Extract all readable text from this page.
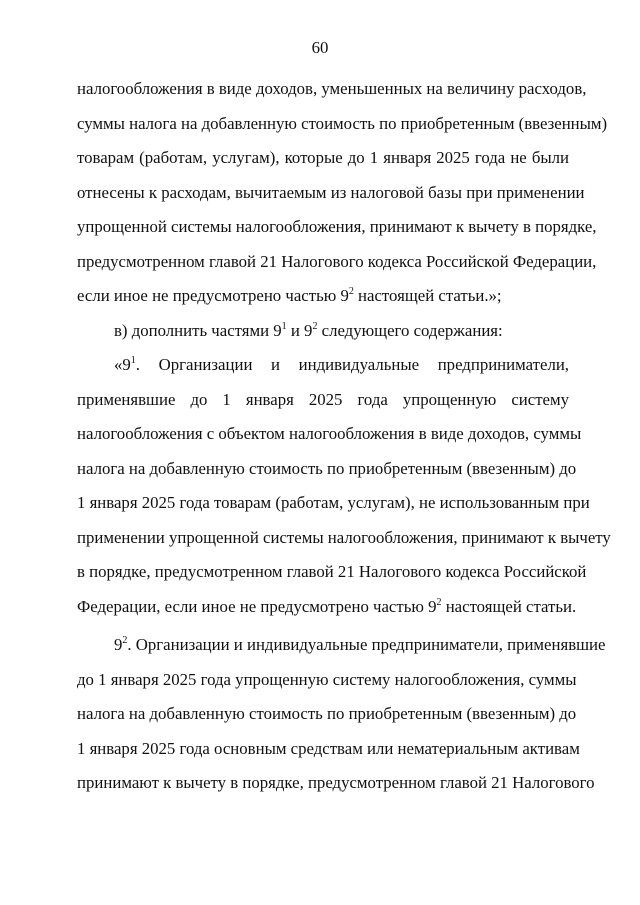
60
налогообложения в виде доходов, уменьшенных на величину расходов,
суммы налога на добавленную стоимость по приобретенным (ввезенным)
товарам (работам, услугам), которые до 1 января 2025 года не были
отнесены к расходам, вычитаемым из налоговой базы при применении
упрощенной системы налогообложения, принимают к вычету в порядке,
предусмотренном главой 21 Налогового кодекса Российской Федерации,
если иное не предусмотрено частью $9^2$ настоящей статьи.»;
в) дополнить частями $9^1$ и $9^2$ следующего содержания:
«$9^1$. Организации и индивидуальные предприниматели,
применявшие до 1 января 2025 года упрощенную систему
налогообложения с объектом налогообложения в виде доходов, суммы
налога на добавленную стоимость по приобретенным (ввезенным) до
1 января 2025 года товарам (работам, услугам), не использованным при
применении упрощенной системы налогообложения, принимают к вычету
в порядке, предусмотренном главой 21 Налогового кодекса Российской
Федерации, если иное не предусмотрено частью $9^2$ настоящей статьи.
$9^2$. Организации и индивидуальные предприниматели, применявшие
до 1 января 2025 года упрощенную систему налогообложения, суммы
налога на добавленную стоимость по приобретенным (ввезенным) до
1 января 2025 года основным средствам или нематериальным активам
принимают к вычету в порядке, предусмотренном главой 21 Налогового
